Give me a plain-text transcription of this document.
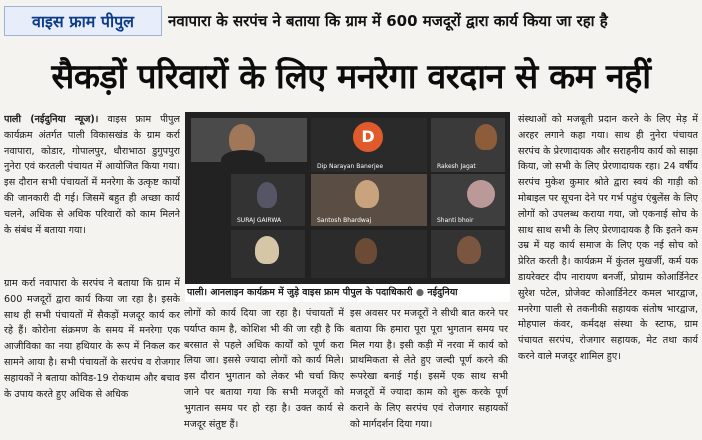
वाइस फ्राम पीपुल	नवापारा के सरपंच ने बताया कि ग्राम में 600 मजदूरों द्वारा कार्य किया जा रहा है
सैकड़ों परिवारों के लिए मनरेगा वरदान से कम नहीं

पाली (नईदुनिया न्यूज)। वाइस फ्राम पीपुल कार्यक्रम अंतर्गत पाली विकासखंड के ग्राम कर्रा नवापारा, कोडार, गोपालपुर, धौराभाठा डुगुपपुरा नुनेरा एवं करतली पंचायत में आयोजित किया गया। इस दौरान सभी पंचायतों में मनरेगा के उत्कृष्ट कार्यों की जानकारी दी गई। जिसमें बहुत ही अच्छा कार्य चलने, अधिक से अधिक परिवारों को काम मिलने के संबंध में बताया गया।

ग्राम कर्रा नवापारा के सरपंच ने बताया कि ग्राम में 600 मजदूरों द्वारा कार्य किया जा रहा है। इसके साथ ही सभी पंचायतों में सैकड़ों मजदूर कार्य कर रहे हैं। कोरोना संक्रमण के समय में मनरेगा एक आजीविका का नया हथियार के रूप में निकल कर सामने आया है। सभी पंचायतों के सरपंच व रोजगार सहायकों ने बताया कोविड-19 रोकथाम और बचाव के उपाय करते हुए अधिक से अधिक

D
Dip Narayan Banerjee	Rakesh Jagat
SURAJ GAIRWA	Santosh Bhardwaj	Shanti bhoir
पाली। आनलाइन कार्यक्रम में जुड़े वाइस फ्राम पीपुल के पदाधिकारी ● नईदुनिया

लोगों को कार्य दिया जा रहा है। पंचायतों में पर्याप्त काम है, कोशिश भी की जा रही है कि बरसात से पहले अधिक कार्यों को पूर्ण करा लिया जा। इससे ज्यादा लोगों को कार्य मिले। इस दौरान भुगतान को लेकर भी चर्चा किए जाने पर बताया गया कि सभी मजदूरों को भुगतान समय पर हो रहा है। उक्त कार्य से मजदूर संतुष्ट हैं।

इस अवसर पर मजदूरों ने सीधी बात करने पर बताया कि हमारा पूरा पूरा भुगतान समय पर मिल गया है। इसी कड़ी में नरवा में कार्य को प्राथमिकता से लेते हुए जल्दी पूर्ण करने की रूपरेखा बनाई गई। इसमें एक साथ सभी मजदूरों में ज्यादा काम को शुरू करके पूर्ण कराने के लिए सरपंच एवं रोजगार सहायकों को मार्गदर्शन दिया गया।

संस्थाओं को मजबूती प्रदान करने के लिए मेड़ में अरहर लगाने कहा गया। साथ ही नुनेरा पंचायत सरपंच के प्रेरणादायक और सराहनीय कार्य को साझा किया, जो सभी के लिए प्रेरणादायक रहा। 24 वर्षीय सरपंच मुकेश कुमार श्रोते द्वारा स्वयं की गाड़ी को मोबाइल पर सूचना देने पर गर्भ पहुंच एंबुलेंस के लिए लोगों को उपलब्ध कराया गया, जो एकनाई सोच के साथ साथ सभी के लिए प्रेरणादायक है कि इतने कम उम्र में यह कार्य समाज के लिए एक नई सोच को प्रेरित करती है। कार्यक्रम में कुंतल मुखर्जी, कर्म यक डायरेक्टर दीप नारायण बनर्जी, प्रोग्राम कोआर्डिनेटर सुरेश पटेल, प्रोजेक्ट कोआर्डिनेटर कमल भारद्वाज, मनरेगा पाली से तकनीकी सहायक संतोष भारद्वाज, मोहपाल कंवर, कर्मदक्ष संस्था के स्टाफ, ग्राम पंचायत सरपंच, रोजगार सहायक, मेट तथा कार्य करने वाले मजदूर शामिल हुए।
